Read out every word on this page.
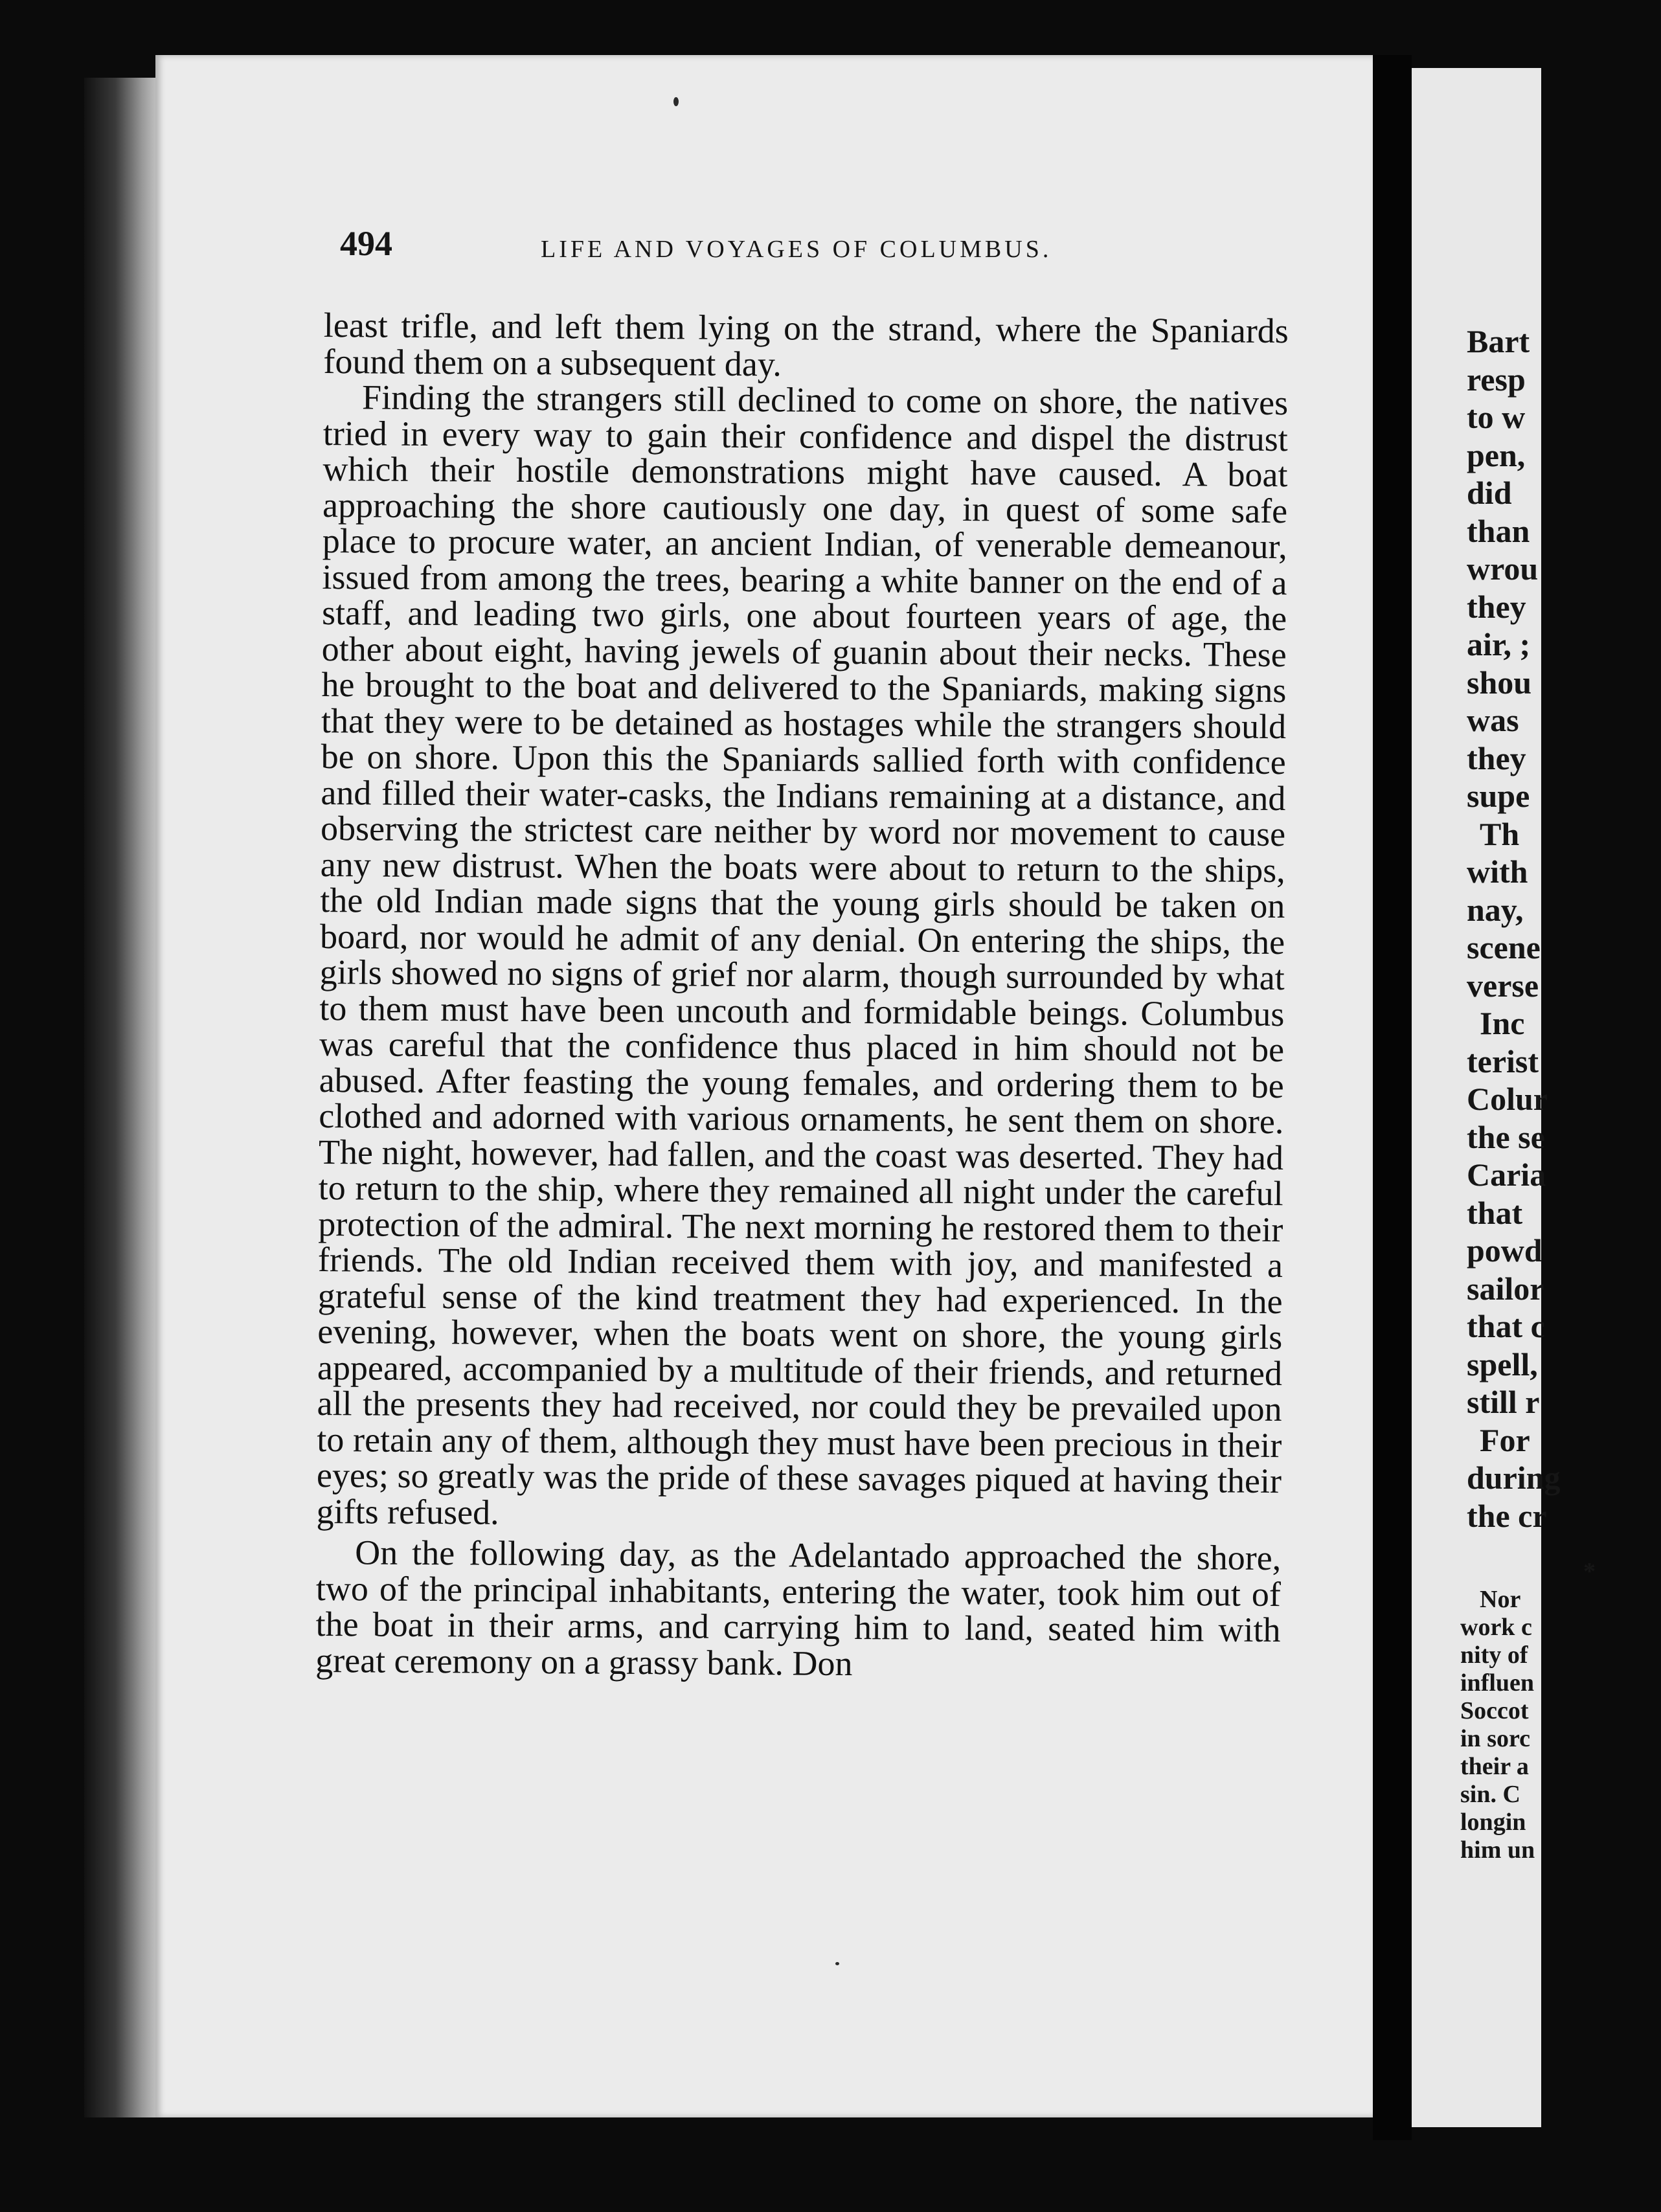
494	LIFE AND VOYAGES OF COLUMBUS.

least trifle, and left them lying on the strand, where the Spaniards found them on a subsequent day.

Finding the strangers still declined to come on shore, the natives tried in every way to gain their confidence and dispel the distrust which their hostile demonstrations might have caused. A boat approaching the shore cautiously one day, in quest of some safe place to procure water, an ancient Indian, of venerable demeanour, issued from among the trees, bearing a white banner on the end of a staff, and leading two girls, one about fourteen years of age, the other about eight, having jewels of guanin about their necks. These he brought to the boat and delivered to the Spaniards, making signs that they were to be detained as hostages while the strangers should be on shore. Upon this the Spaniards sallied forth with confidence and filled their water-casks, the Indians remaining at a distance, and observing the strictest care neither by word nor movement to cause any new distrust. When the boats were about to return to the ships, the old Indian made signs that the young girls should be taken on board, nor would he admit of any denial. On entering the ships, the girls showed no signs of grief nor alarm, though surrounded by what to them must have been uncouth and formidable beings. Columbus was careful that the confidence thus placed in him should not be abused. After feasting the young females, and ordering them to be clothed and adorned with various ornaments, he sent them on shore. The night, however, had fallen, and the coast was deserted. They had to return to the ship, where they remained all night under the careful protection of the admiral. The next morning he restored them to their friends. The old Indian received them with joy, and manifested a grateful sense of the kind treatment they had experienced. In the evening, however, when the boats went on shore, the young girls appeared, accompanied by a multitude of their friends, and returned all the presents they had received, nor could they be prevailed upon to retain any of them, although they must have been precious in their eyes; so greatly was the pride of these savages piqued at having their gifts refused.

On the following day, as the Adelantado approached the shore, two of the principal inhabitants, entering the water, took him out of the boat in their arms, and carrying him to land, seated him with great ceremony on a grassy bank. Don

Bart
resp
to w
pen,
did
than
wrou
they
air, ;
shou
was
they
supe
Th
with
nay,
scene
verse
Inc
terist
Colur
the se
Caria
that
powd
sailor
that c
spell,
still r
For
during
the cr
*
Nor
work c
nity of
influen
Soccot
in sorc
their a
sin. C
longin
him un
